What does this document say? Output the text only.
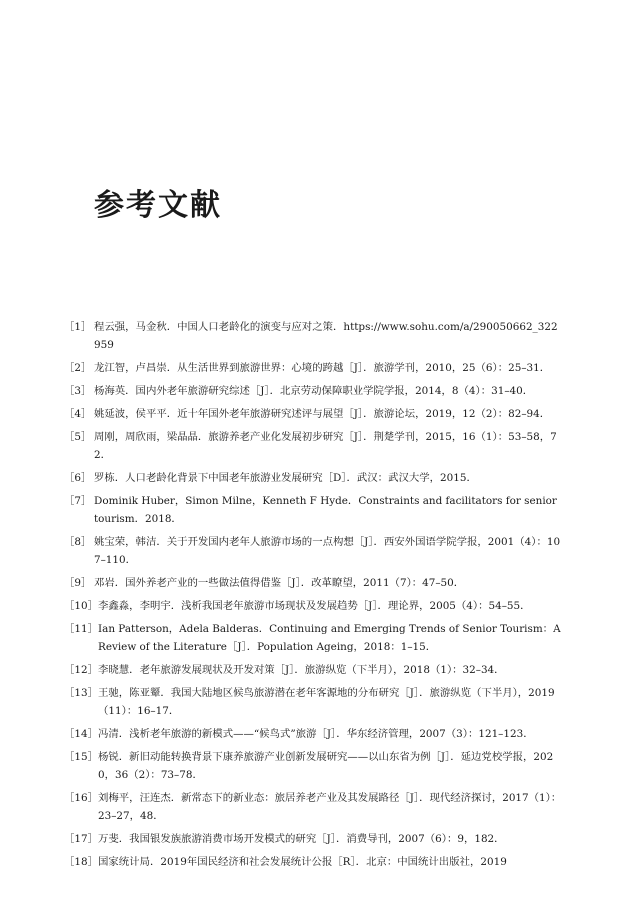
参考文献
［1］ 程云强，马金秋．中国人口老龄化的演变与应对之策．https://www.sohu.com/a/290050662_322959
［2］ 龙江智，卢昌崇．从生活世界到旅游世界：心境的跨越［J］．旅游学刊，2010，25（6）：25–31．
［3］ 杨海英．国内外老年旅游研究综述［J］．北京劳动保障职业学院学报，2014，8（4）：31–40．
［4］ 姚延波，侯平平．近十年国外老年旅游研究述评与展望［J］．旅游论坛，2019，12（2）：82–94．
［5］ 周刚，周欣雨，梁晶晶．旅游养老产业化发展初步研究［J］．荆楚学刊，2015，16（1）：53–58，72．
［6］ 罗栋．人口老龄化背景下中国老年旅游业发展研究［D］．武汉：武汉大学，2015．
［7］ Dominik Huber，Simon Milne，Kenneth F Hyde．Constraints and facilitators for senior tourism．2018．
［8］ 姚宝荣，韩洁．关于开发国内老年人旅游市场的一点构想［J］．西安外国语学院学报，2001（4）：107–110．
［9］ 邓岩．国外养老产业的一些做法值得借鉴［J］．改革瞭望，2011（7）：47–50．
［10］ 李鑫淼，李明宇．浅析我国老年旅游市场现状及发展趋势［J］．理论界，2005（4）：54–55．
［11］ Ian Patterson，Adela Balderas．Continuing and Emerging Trends of Senior Tourism：A Review of the Literature［J］．Population Ageing，2018：1–15．
［12］ 李晓慧．老年旅游发展现状及开发对策［J］．旅游纵览（下半月），2018（1）：32–34．
［13］ 王驰，陈亚颦．我国大陆地区候鸟旅游潜在老年客源地的分布研究［J］．旅游纵览（下半月），2019（11）：16–17．
［14］ 冯清．浅析老年旅游的新模式——“候鸟式”旅游［J］．华东经济管理，2007（3）：121–123．
［15］ 杨锐．新旧动能转换背景下康养旅游产业创新发展研究——以山东省为例［J］．延边党校学报，2020，36（2）：73–78．
［16］ 刘梅平，汪连杰．新常态下的新业态：旅居养老产业及其发展路径［J］．现代经济探讨，2017（1）：23–27，48．
［17］ 万斐．我国银发族旅游消费市场开发模式的研究［J］．消费导刊，2007（6）：9，182．
［18］ 国家统计局．2019年国民经济和社会发展统计公报［R］．北京：中国统计出版社，2019
